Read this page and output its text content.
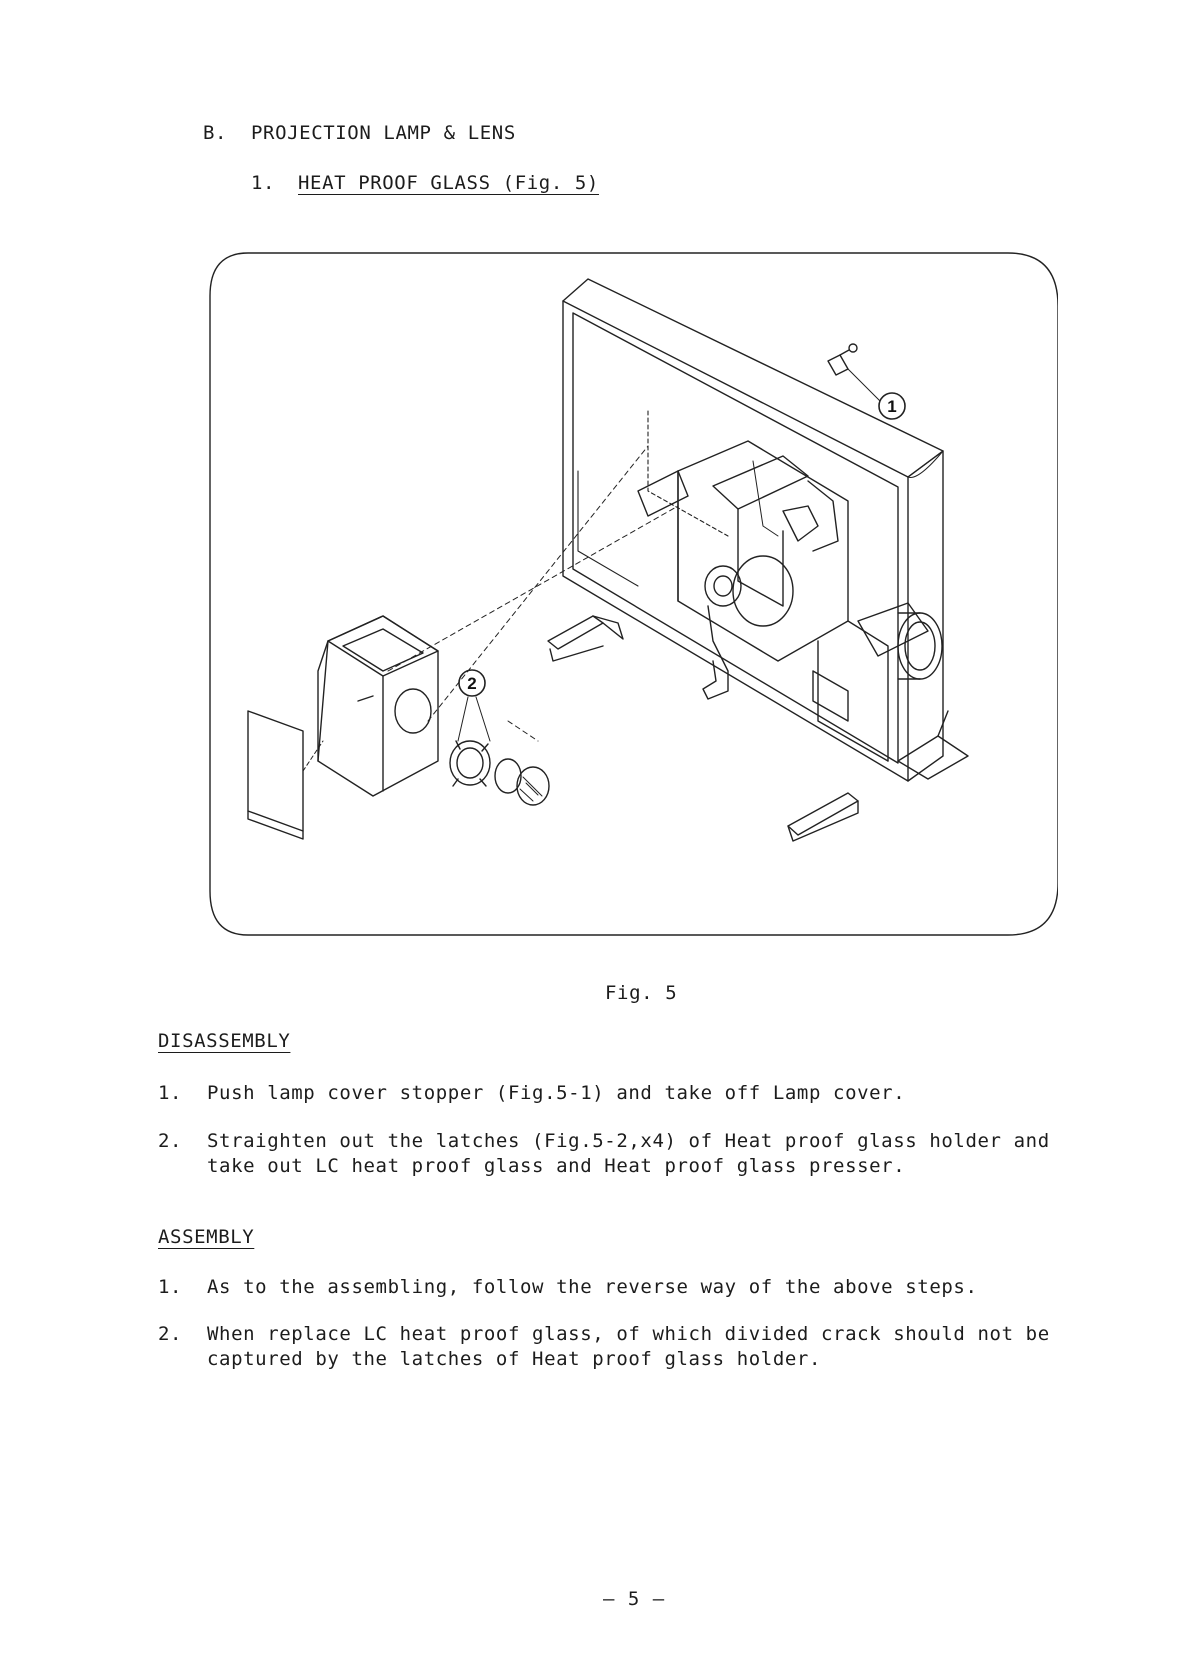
B. PROJECTION LAMP & LENS
1. HEAT PROOF GLASS (Fig. 5)
1
2
Fig. 5
DISASSEMBLY
1. Push lamp cover stopper (Fig.5-1) and take off Lamp cover.
2. Straighten out the latches (Fig.5-2,x4) of Heat proof glass holder and
take out LC heat proof glass and Heat proof glass presser.
ASSEMBLY
1. As to the assembling, follow the reverse way of the above steps.
2. When replace LC heat proof glass, of which divided crack should not be
captured by the latches of Heat proof glass holder.
— 5 —
